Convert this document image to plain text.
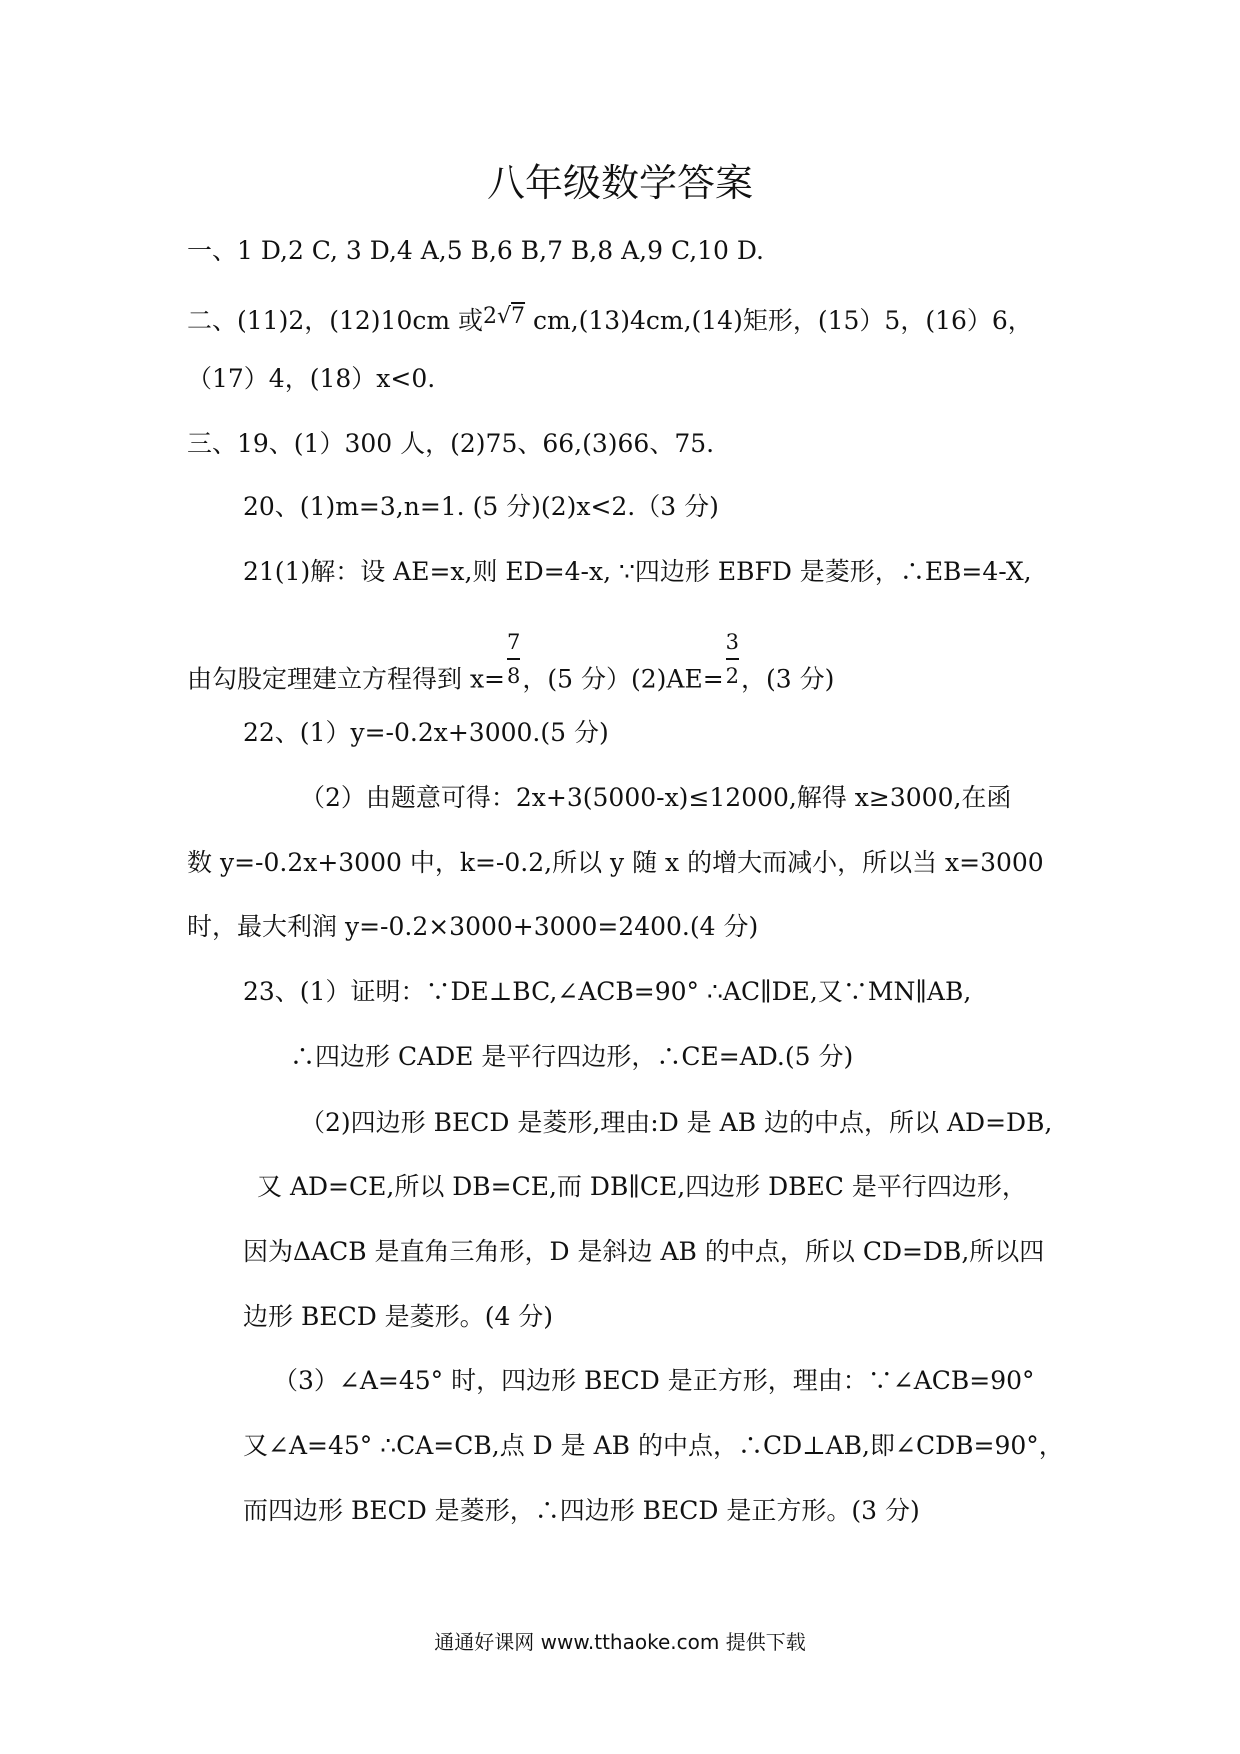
八年级数学答案
一、1 D,2 C, 3 D,4 A,5 B,6 B,7 B,8 A,9 C,10 D.
二、(11)2，(12)10cm 或2√7 cm,(13)4cm,(14)矩形，(15）5，(16）6，
（17）4，(18）x<0.
三、19、(1）300 人，(2)75、66,(3)66、75.
20、(1)m=3,n=1. (5 分)(2)x<2.（3 分)
21(1)解：设 AE=x,则 ED=4-x, ∵四边形 EBFD 是菱形，∴EB=4-X,
由勾股定理建立方程得到 $x= \frac{7}{8}$ ，(5 分）$(2)AE= \frac{3}{2}$ ，(3 分)
22、(1）y=-0.2x+3000.(5 分)
（2）由题意可得：2x+3(5000-x)≤12000,解得 x≥3000,在函
数 y=-0.2x+3000 中，k=-0.2,所以 y 随 x 的增大而减小，所以当 x=3000
时，最大利润 y=-0.2×3000+3000=2400.(4 分)
23、(1）证明：∵DE⊥BC,∠ACB=90° ∴AC∥DE,又∵MN∥AB,
∴四边形 CADE 是平行四边形，∴CE=AD.(5 分)
（2)四边形 BECD 是菱形,理由:D 是 AB 边的中点，所以 AD=DB,
又 AD=CE,所以 DB=CE,而 DB∥CE,四边形 DBEC 是平行四边形，
因为ΔACB 是直角三角形，D 是斜边 AB 的中点，所以 CD=DB,所以四
边形 BECD 是菱形。(4 分)
（3）∠A=45° 时，四边形 BECD 是正方形，理由：∵∠ACB=90°
又∠A=45° ∴CA=CB,点 D 是 AB 的中点，∴CD⊥AB,即∠CDB=90°，
而四边形 BECD 是菱形，∴四边形 BECD 是正方形。(3 分)
通通好课网 www.tthaoke.com 提供下载
